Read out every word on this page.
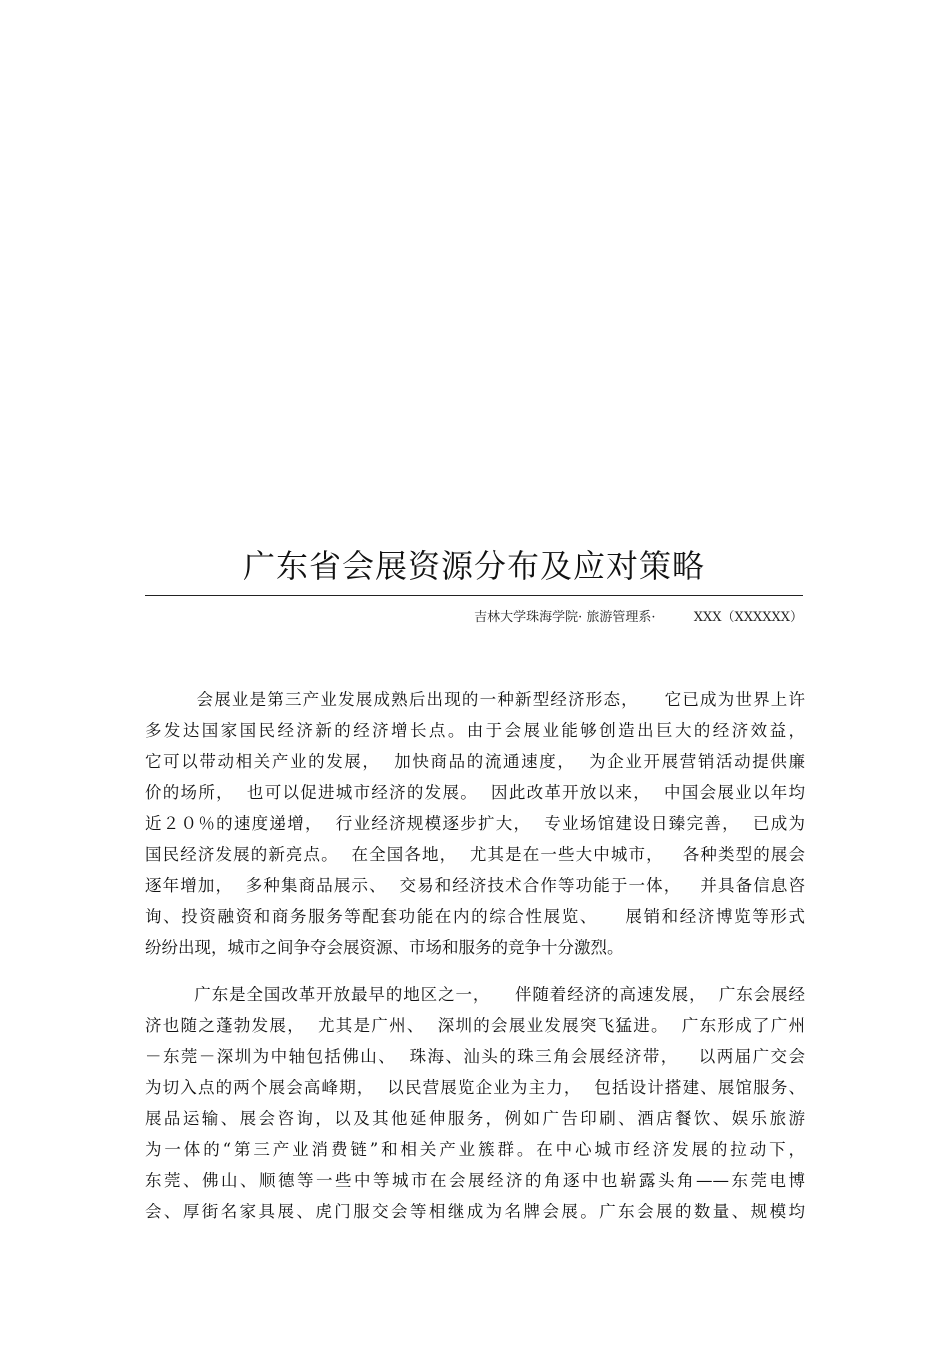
广东省会展资源分布及应对策略
吉林大学珠海学院· 旅游管理系·	XXX（XXXXXX）
会展业是第三产业发展成熟后出现的一种新型经济形态，    它已成为世界上许
多发达国家国民经济新的经济增长点。由于会展业能够创造出巨大的经济效益，
它可以带动相关产业的发展，  加快商品的流通速度，  为企业开展营销活动提供廉
价的场所，  也可以促进城市经济的发展。  因此改革开放以来，  中国会展业以年均
近２０％的速度递增，  行业经济规模逐步扩大，  专业场馆建设日臻完善，  已成为
国民经济发展的新亮点。  在全国各地，  尤其是在一些大中城市，   各种类型的展会
逐年增加，  多种集商品展示、  交易和经济技术合作等功能于一体，   并具备信息咨
询、投资融资和商务服务等配套功能在内的综合性展览、    展销和经济博览等形式
纷纷出现，城市之间争夺会展资源、市场和服务的竞争十分激烈。
广东是全国改革开放最早的地区之一，    伴随着经济的高速发展，  广东会展经
济也随之蓬勃发展，  尤其是广州、  深圳的会展业发展突飞猛进。  广东形成了广州
－东莞－深圳为中轴包括佛山、  珠海、汕头的珠三角会展经济带，   以两届广交会
为切入点的两个展会高峰期，  以民营展览企业为主力，  包括设计搭建、展馆服务、
展品运输、展会咨询，以及其他延伸服务，例如广告印刷、酒店餐饮、娱乐旅游
为一体的“第三产业消费链”和相关产业簇群。在中心城市经济发展的拉动下，
东莞、佛山、顺德等一些中等城市在会展经济的角逐中也崭露头角——东莞电博
会、厚街名家具展、虎门服交会等相继成为名牌会展。广东会展的数量、规模均
